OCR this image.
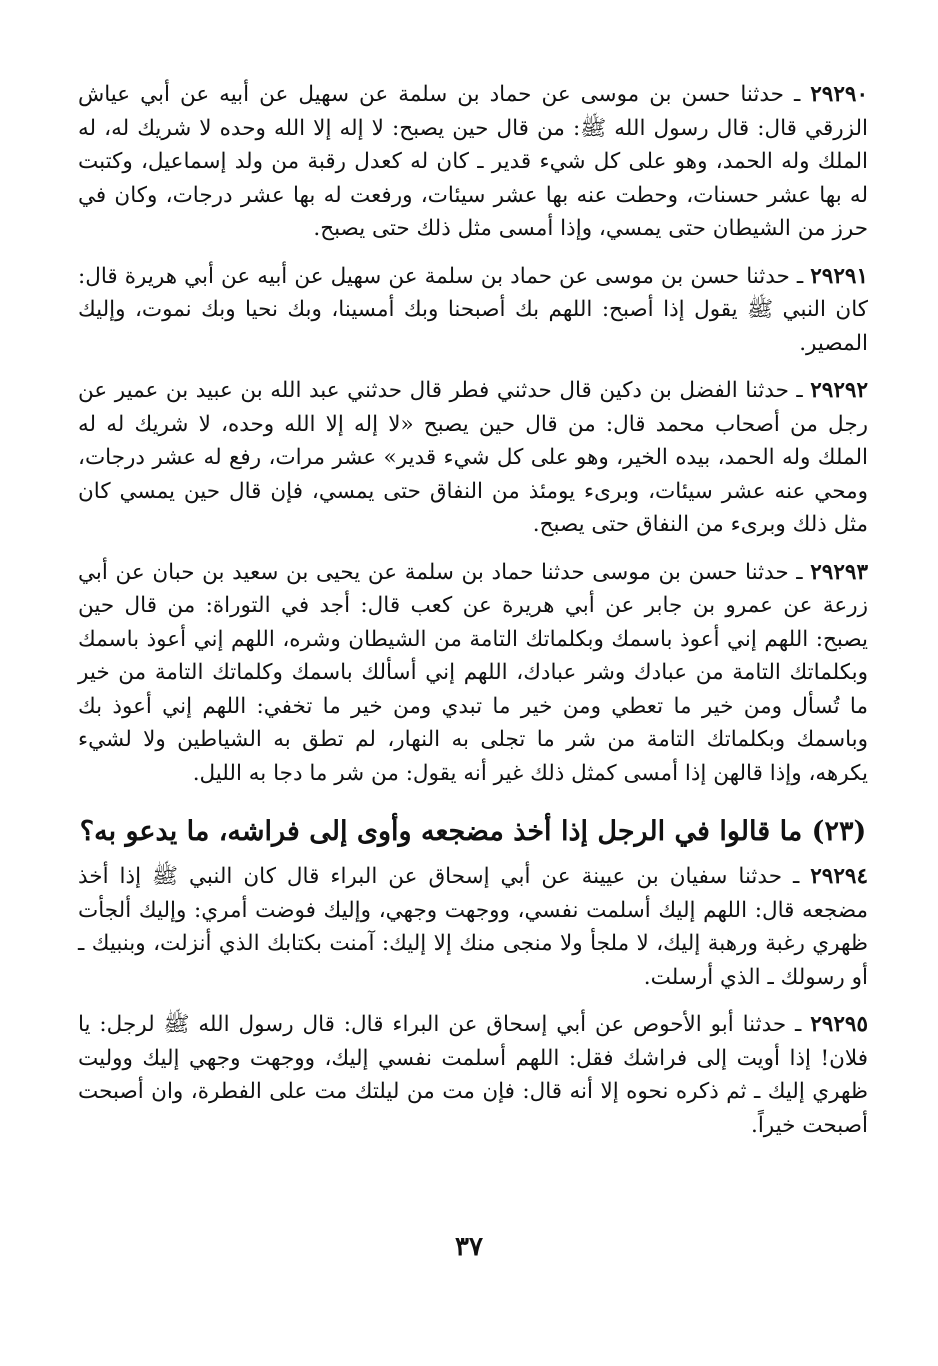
٢٩٢٩٠ ـ حدثنا حسن بن موسى عن حماد بن سلمة عن سهيل عن أبيه عن أبي عياش الزرقي قال: قال رسول الله ﷺ: من قال حين يصبح: لا إله إلا الله وحده لا شريك له، له الملك وله الحمد، وهو على كل شيء قدير ـ كان له كعدل رقبة من ولد إسماعيل، وكتبت له بها عشر حسنات، وحطت عنه بها عشر سيئات، ورفعت له بها عشر درجات، وكان في حرز من الشيطان حتى يمسي، وإذا أمسى مثل ذلك حتى يصبح.

٢٩٢٩١ ـ حدثنا حسن بن موسى عن حماد بن سلمة عن سهيل عن أبيه عن أبي هريرة قال: كان النبي ﷺ يقول إذا أصبح: اللهم بك أصبحنا وبك أمسينا، وبك نحيا وبك نموت، وإليك المصير.

٢٩٢٩٢ ـ حدثنا الفضل بن دكين قال حدثني فطر قال حدثني عبد الله بن عبيد بن عمير عن رجل من أصحاب محمد قال: من قال حين يصبح «لا إله إلا الله وحده، لا شريك له له الملك وله الحمد، بيده الخير، وهو على كل شيء قدير» عشر مرات، رفع له عشر درجات، ومحي عنه عشر سيئات، وبرىء يومئذ من النفاق حتى يمسي، فإن قال حين يمسي كان مثل ذلك وبرىء من النفاق حتى يصبح.

٢٩٢٩٣ ـ حدثنا حسن بن موسى حدثنا حماد بن سلمة عن يحيى بن سعيد بن حبان عن أبي زرعة عن عمرو بن جابر عن أبي هريرة عن كعب قال: أجد في التوراة: من قال حين يصبح: اللهم إني أعوذ باسمك وبكلماتك التامة من الشيطان وشره، اللهم إني أعوذ باسمك وبكلماتك التامة من عبادك وشر عبادك، اللهم إني أسألك باسمك وكلماتك التامة من خير ما تُسأل ومن خير ما تعطي ومن خير ما تبدي ومن خير ما تخفي: اللهم إني أعوذ بك وباسمك وبكلماتك التامة من شر ما تجلى به النهار، لم تطق به الشياطين ولا لشيء يكرهه، وإذا قالهن إذا أمسى كمثل ذلك غير أنه يقول: من شر ما دجا به الليل.

(٢٣) ما قالوا في الرجل إذا أخذ مضجعه وأوى إلى فراشه، ما يدعو به؟

٢٩٢٩٤ ـ حدثنا سفيان بن عيينة عن أبي إسحاق عن البراء قال كان النبي ﷺ إذا أخذ مضجعه قال: اللهم إليك أسلمت نفسي، ووجهت وجهي، وإليك فوضت أمري: وإليك ألجأت ظهري رغبة ورهبة إليك، لا ملجأ ولا منجى منك إلا إليك: آمنت بكتابك الذي أنزلت، وبنبيك ـ أو رسولك ـ الذي أرسلت.

٢٩٢٩٥ ـ حدثنا أبو الأحوص عن أبي إسحاق عن البراء قال: قال رسول الله ﷺ لرجل: يا فلان! إذا أويت إلى فراشك فقل: اللهم أسلمت نفسي إليك، ووجهت وجهي إليك ووليت ظهري إليك ـ ثم ذكره نحوه إلا أنه قال: فإن مت من ليلتك مت على الفطرة، وان أصبحت أصبحت خيراً.

٣٧
